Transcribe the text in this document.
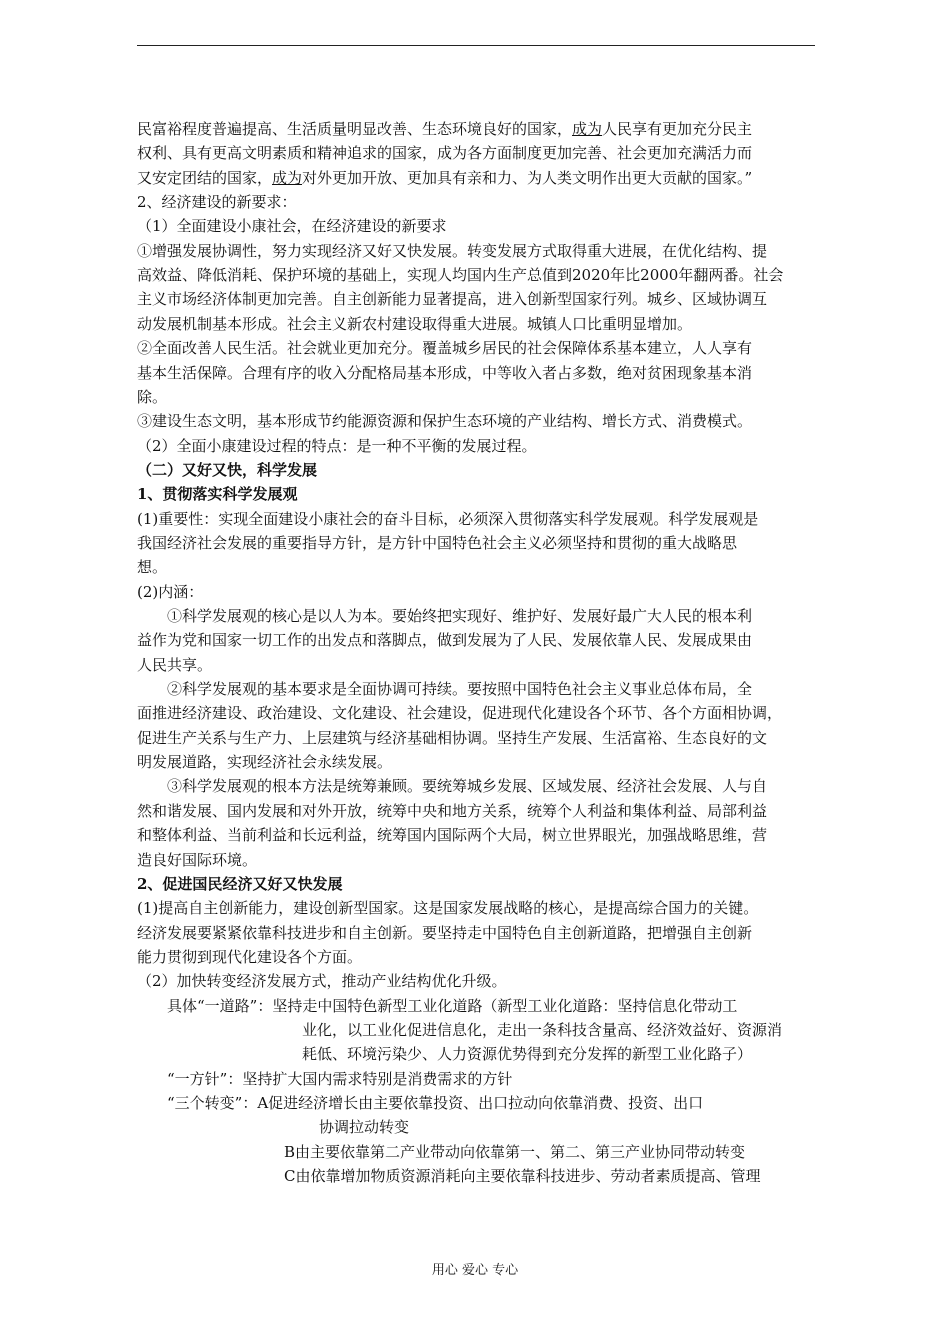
民富裕程度普遍提高、生活质量明显改善、生态环境良好的国家，成为人民享有更加充分民主
权利、具有更高文明素质和精神追求的国家，成为各方面制度更加完善、社会更加充满活力而
又安定团结的国家，成为对外更加开放、更加具有亲和力、为人类文明作出更大贡献的国家。”
2、经济建设的新要求：
（1）全面建设小康社会，在经济建设的新要求
①增强发展协调性，努力实现经济又好又快发展。转变发展方式取得重大进展，在优化结构、提
高效益、降低消耗、保护环境的基础上，实现人均国内生产总值到2020年比2000年翻两番。社会
主义市场经济体制更加完善。自主创新能力显著提高，进入创新型国家行列。城乡、区域协调互
动发展机制基本形成。社会主义新农村建设取得重大进展。城镇人口比重明显增加。
②全面改善人民生活。社会就业更加充分。覆盖城乡居民的社会保障体系基本建立，人人享有
基本生活保障。合理有序的收入分配格局基本形成，中等收入者占多数，绝对贫困现象基本消
除。
③建设生态文明，基本形成节约能源资源和保护生态环境的产业结构、增长方式、消费模式。
（2）全面小康建设过程的特点：是一种不平衡的发展过程。
（二）又好又快，科学发展
1、贯彻落实科学发展观
(1)重要性：实现全面建设小康社会的奋斗目标，必须深入贯彻落实科学发展观。科学发展观是
我国经济社会发展的重要指导方针，是方针中国特色社会主义必须坚持和贯彻的重大战略思
想。
(2)内涵：
①科学发展观的核心是以人为本。要始终把实现好、维护好、发展好最广大人民的根本利
益作为党和国家一切工作的出发点和落脚点，做到发展为了人民、发展依靠人民、发展成果由
人民共享。
②科学发展观的基本要求是全面协调可持续。要按照中国特色社会主义事业总体布局，全
面推进经济建设、政治建设、文化建设、社会建设，促进现代化建设各个环节、各个方面相协调，
促进生产关系与生产力、上层建筑与经济基础相协调。坚持生产发展、生活富裕、生态良好的文
明发展道路，实现经济社会永续发展。
③科学发展观的根本方法是统筹兼顾。要统筹城乡发展、区域发展、经济社会发展、人与自
然和谐发展、国内发展和对外开放，统筹中央和地方关系，统筹个人利益和集体利益、局部利益
和整体利益、当前利益和长远利益，统筹国内国际两个大局，树立世界眼光，加强战略思维，营
造良好国际环境。
2、促进国民经济又好又快发展
(1)提高自主创新能力，建设创新型国家。这是国家发展战略的核心，是提高综合国力的关键。
经济发展要紧紧依靠科技进步和自主创新。要坚持走中国特色自主创新道路，把增强自主创新
能力贯彻到现代化建设各个方面。
（2）加快转变经济发展方式，推动产业结构优化升级。
具体“一道路”：坚持走中国特色新型工业化道路（新型工业化道路：坚持信息化带动工
业化，以工业化促进信息化，走出一条科技含量高、经济效益好、资源消
耗低、环境污染少、人力资源优势得到充分发挥的新型工业化路子）
“一方针”：坚持扩大国内需求特别是消费需求的方针
“三个转变”：A促进经济增长由主要依靠投资、出口拉动向依靠消费、投资、出口
协调拉动转变
B由主要依靠第二产业带动向依靠第一、第二、第三产业协同带动转变
C由依靠增加物质资源消耗向主要依靠科技进步、劳动者素质提高、管理
用心 爱心 专心
